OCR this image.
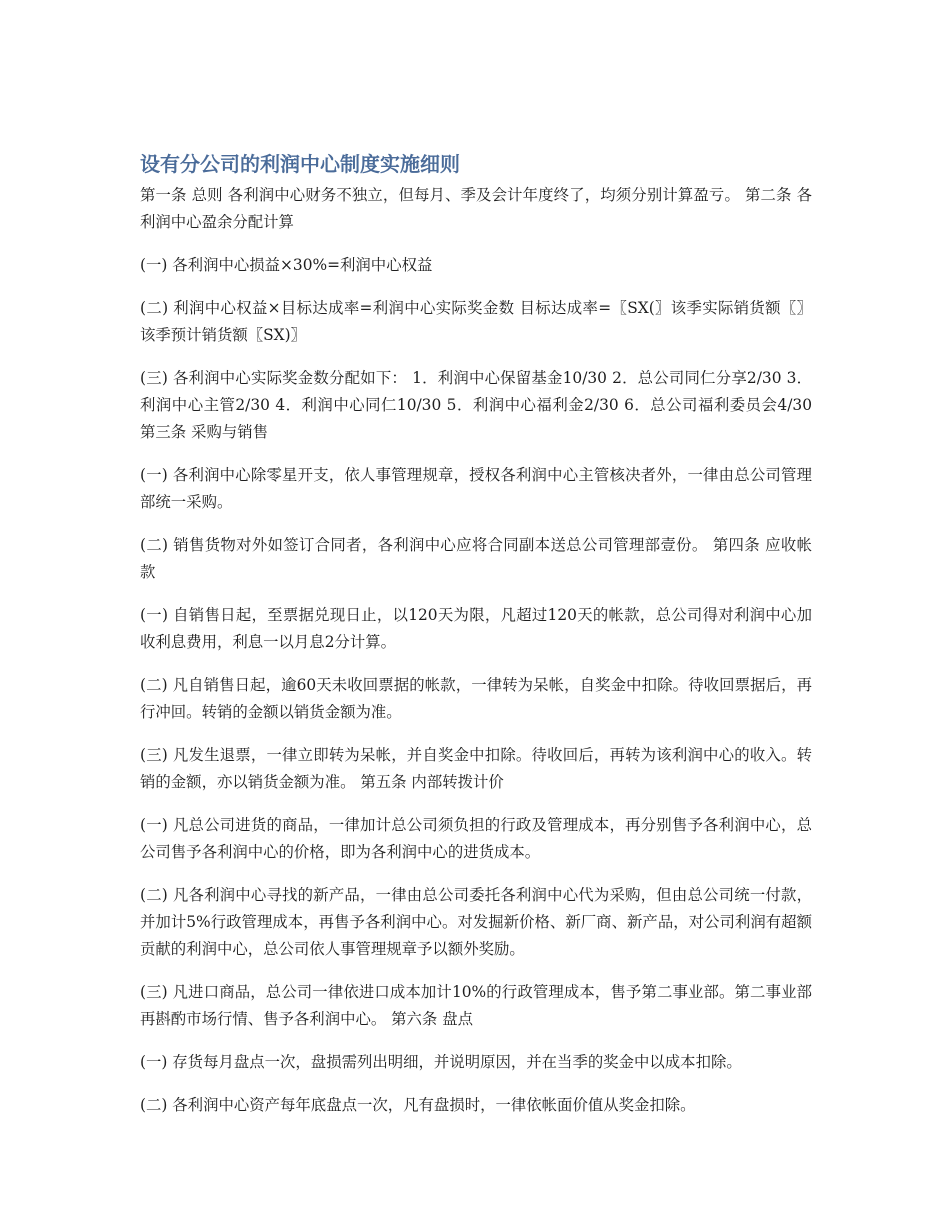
设有分公司的利润中心制度实施细则

第一条 总则 各利润中心财务不独立，但每月、季及会计年度终了，均须分别计算盈亏。 第二条 各利润中心盈余分配计算

(一) 各利润中心损益×30%=利润中心权益

(二) 利润中心权益×目标达成率=利润中心实际奖金数 目标达成率=〖SX(〗该季实际销货额〖〗该季预计销货额〖SX)〗

(三) 各利润中心实际奖金数分配如下： 1．利润中心保留基金10/30 2．总公司同仁分享2/30 3．利润中心主管2/30 4．利润中心同仁10/30 5．利润中心福利金2/30 6．总公司福利委员会4/30 第三条 采购与销售

(一) 各利润中心除零星开支，依人事管理规章，授权各利润中心主管核决者外，一律由总公司管理部统一采购。

(二) 销售货物对外如签订合同者，各利润中心应将合同副本送总公司管理部壹份。 第四条 应收帐款

(一) 自销售日起，至票据兑现日止，以120天为限，凡超过120天的帐款，总公司得对利润中心加收利息费用，利息一以月息2分计算。

(二) 凡自销售日起，逾60天未收回票据的帐款，一律转为呆帐，自奖金中扣除。待收回票据后，再行冲回。转销的金额以销货金额为准。

(三) 凡发生退票，一律立即转为呆帐，并自奖金中扣除。待收回后，再转为该利润中心的收入。转销的金额，亦以销货金额为准。 第五条 内部转拨计价

(一) 凡总公司进货的商品，一律加计总公司须负担的行政及管理成本，再分别售予各利润中心，总公司售予各利润中心的价格，即为各利润中心的进货成本。

(二) 凡各利润中心寻找的新产品，一律由总公司委托各利润中心代为采购，但由总公司统一付款，并加计5%行政管理成本，再售予各利润中心。对发掘新价格、新厂商、新产品，对公司利润有超额贡献的利润中心，总公司依人事管理规章予以额外奖励。

(三) 凡进口商品，总公司一律依进口成本加计10%的行政管理成本，售予第二事业部。第二事业部再斟酌市场行情、售予各利润中心。 第六条 盘点

(一) 存货每月盘点一次，盘损需列出明细，并说明原因，并在当季的奖金中以成本扣除。

(二) 各利润中心资产每年底盘点一次，凡有盘损时，一律依帐面价值从奖金扣除。
